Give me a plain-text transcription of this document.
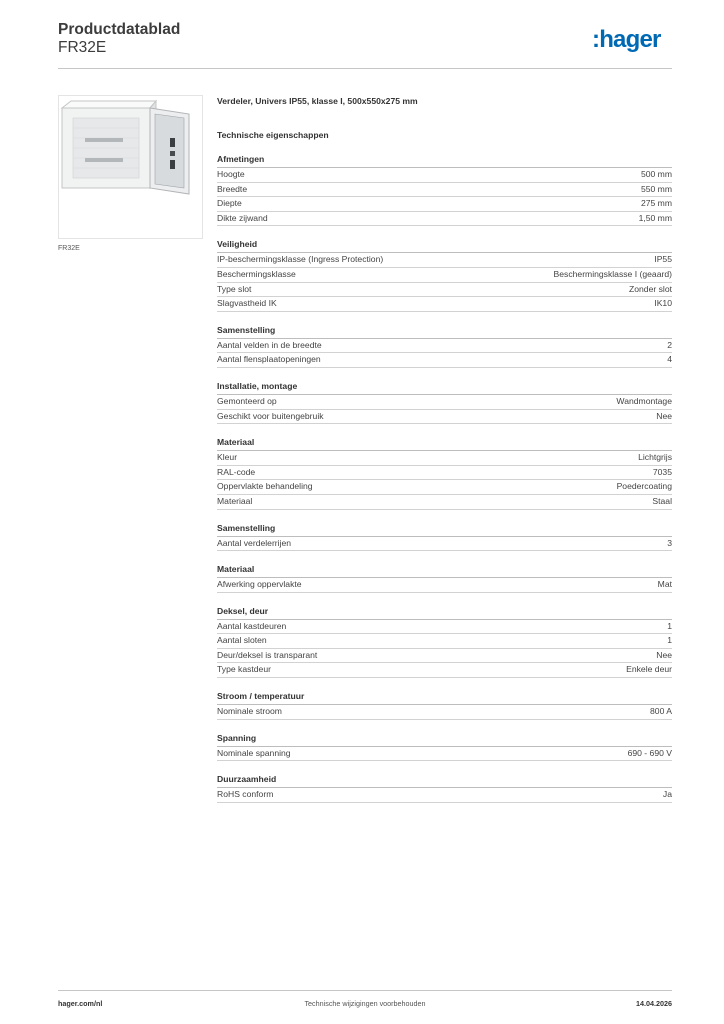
Productdatablad
FR32E	:hager
FR32E
Verdeler, Univers IP55, klasse I, 500x550x275 mm
Technische eigenschappen
Afmetingen
Hoogte	500 mm
Breedte	550 mm
Diepte	275 mm
Dikte zijwand	1,50 mm
Veiligheid
IP-beschermingsklasse (Ingress Protection)	IP55
Beschermingsklasse	Beschermingsklasse I (geaard)
Type slot	Zonder slot
Slagvastheid IK	IK10
Samenstelling
Aantal velden in de breedte	2
Aantal flensplaatopeningen	4
Installatie, montage
Gemonteerd op	Wandmontage
Geschikt voor buitengebruik	Nee
Materiaal
Kleur	Lichtgrijs
RAL-code	7035
Oppervlakte behandeling	Poedercoating
Materiaal	Staal
Samenstelling
Aantal verdelerrijen	3
Materiaal
Afwerking oppervlakte	Mat
Deksel, deur
Aantal kastdeuren	1
Aantal sloten	1
Deur/deksel is transparant	Nee
Type kastdeur	Enkele deur
Stroom / temperatuur
Nominale stroom	800 A
Spanning
Nominale spanning	690 - 690 V
Duurzaamheid
RoHS conform	Ja
hager.com/nl	Technische wijzigingen voorbehouden	14.04.2026
